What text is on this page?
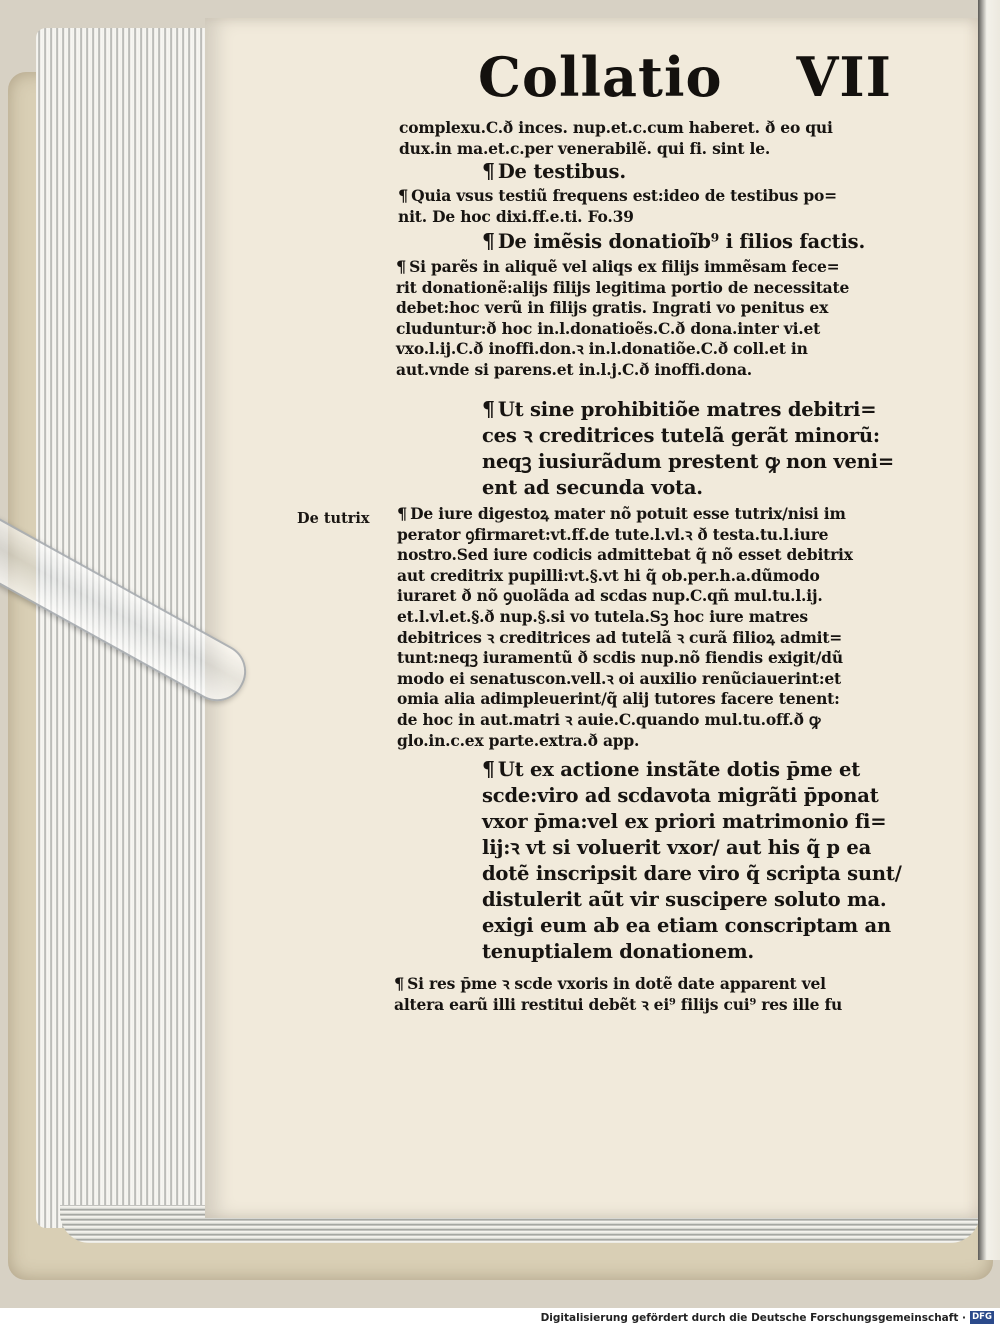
Collatio VII

complexu.C.ð inces. nup.et.c.cum haberet. ð eo qui

dux.in ma.et.c.per venerabilẽ. qui fi. sint le.

¶ De testibus.

¶ Quia vsus testiũ frequens est:ideo de testibus po=

nit. De hoc dixi.ff.e.ti. Fo.39

¶ De imẽsis donatioĩb⁹ i filios factis.

¶ Si parẽs in aliquẽ vel aliqs ex filijs immẽsam fece=

rit donationẽ:alijs filijs legitima portio de necessitate

debet:hoc verũ in filijs gratis. Ingrati vo penitus ex

cluduntur:ð hoc in.l.donatioẽs.C.ð dona.inter vi.et

vxo.l.ij.C.ð inoffi.don.ꝛ in.l.donatiõe.C.ð coll.et in

aut.vnde si parens.et in.l.j.C.ð inoffi.dona.

¶ Ut sine prohibitiõe matres debitri=

ces ꝛ creditrices tutelã gerãt minorũ:

neqꝫ iusiurãdum prestent ꝙ non veni=

ent ad secunda vota.

De tutrix ¶ De iure digestoꝝ mater nõ potuit esse tutrix/nisi im

perator ꝯfirmaret:vt.ff.de tute.l.vl.ꝛ ð testa.tu.l.iure

nostro.Sed iure codicis admittebat q̃ nõ esset debitrix

aut creditrix pupilli:vt.§.vt hi q̃ ob.per.h.a.dũmodo

iuraret ð nõ ꝯuolãda ad scdas nup.C.qñ mul.tu.l.ij.

et.l.vl.et.§.ð nup.§.si vo tutela.Sꝫ hoc iure matres

debitrices ꝛ creditrices ad tutelã ꝛ curã filioꝝ admit=

tunt:neqꝫ iuramentũ ð scdis nup.nõ fiendis exigit/dũ

modo ei senatuscon.vell.ꝛ oi auxilio renũciauerint:et

omia alia adimpleuerint/q̃ alij tutores facere tenent:

de hoc in aut.matri ꝛ auie.C.quando mul.tu.off.ð ꝙ

glo.in.c.ex parte.extra.ð app.

¶ Ut ex actione instãte dotis p̄me et

scde:viro ad scdavota migrãti p̄ponat

vxor p̄ma:vel ex priori matrimonio fi=

lij:ꝛ vt si voluerit vxor/ aut his q̃ p ea

dotẽ inscripsit dare viro q̃ scripta sunt/

distulerit aũt vir suscipere soluto ma.

exigi eum ab ea etiam conscriptam an

tenuptialem donationem.

¶ Si res p̄me ꝛ scde vxoris in dotẽ date apparent vel

altera earũ illi restitui debẽt ꝛ ei⁹ filijs cui⁹ res ille fu

Digitalisierung gefördert durch die Deutsche Forschungsgemeinschaft · DFG
